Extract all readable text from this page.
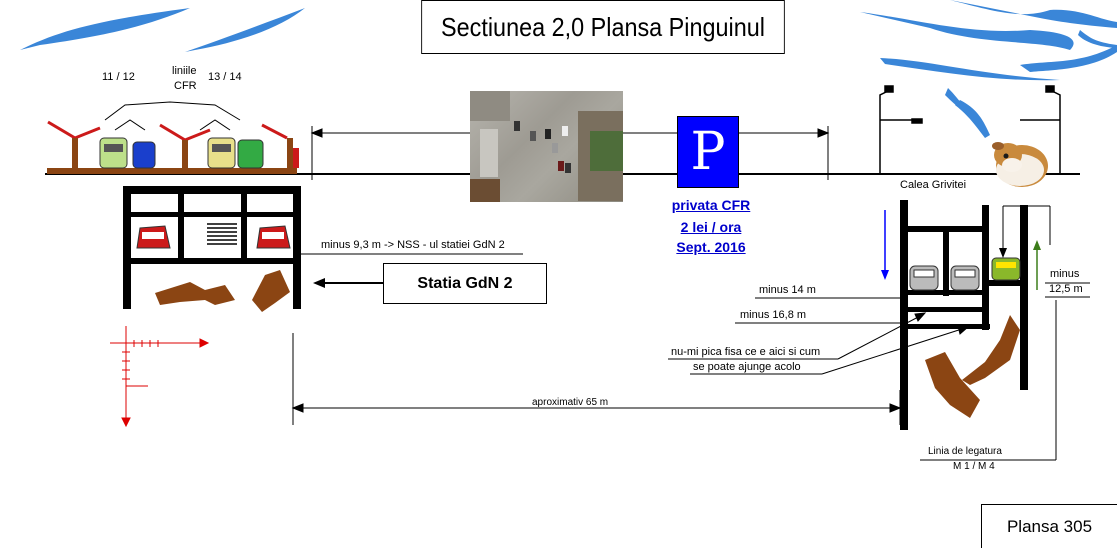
Sectiunea 2,0 Plansa Pinguinul
11 / 12	liniile
CFR
13 / 14
P
privata CFR
2 lei / ora
Sept. 2016
Calea Grivitei
minus 9,3 m -> NSS - ul statiei GdN 2
Statia GdN 2	minus 14 m
minus 16,8 m
minus
12,5 m
nu-mi pica fisa ce e aici si cum
se poate ajunge acolo
aproximativ 65 m
Linia de legatura
M 1 / M 4
Plansa 305
